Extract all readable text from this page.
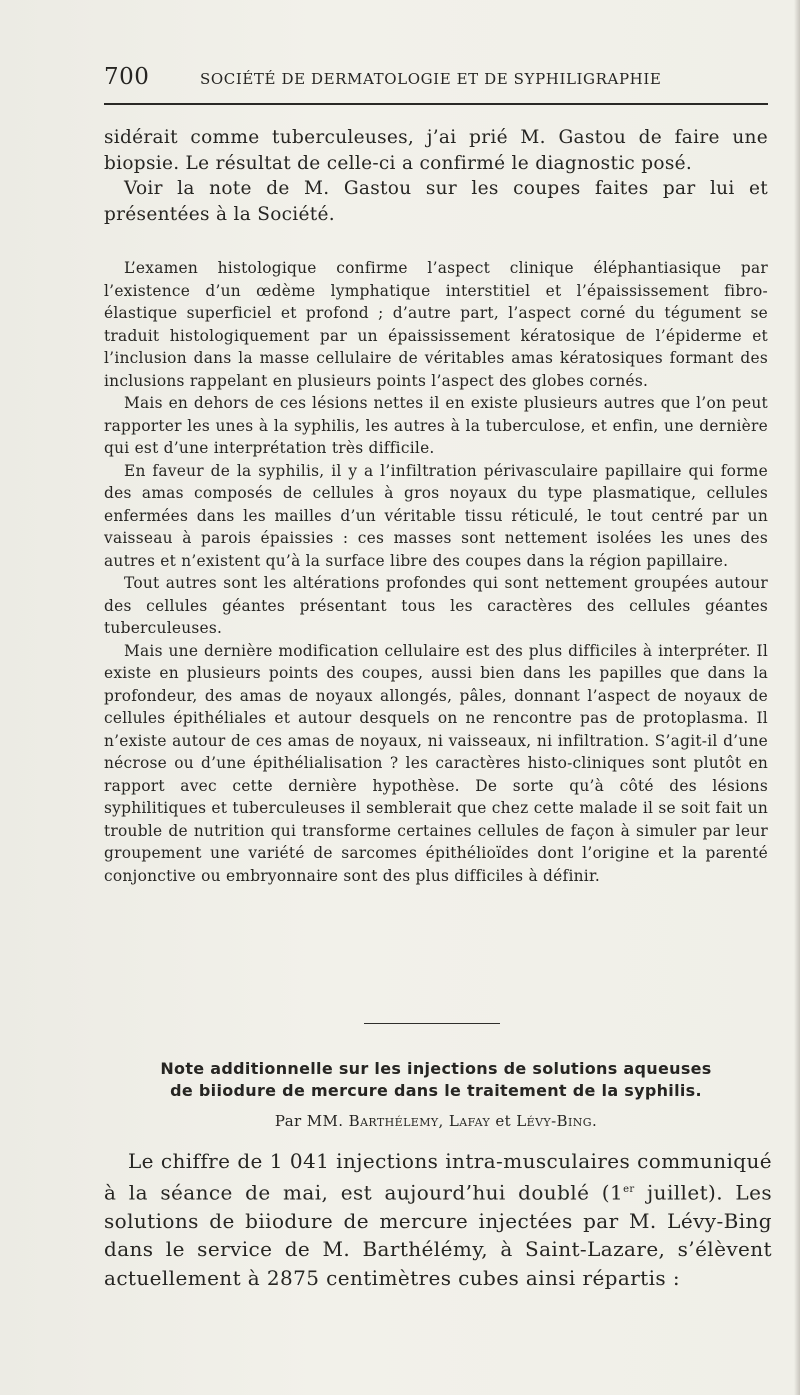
700	SOCIÉTÉ DE DERMATOLOGIE ET DE SYPHILIGRAPHIE

sidérait comme tuberculeuses, j’ai prié M. Gastou de faire une biopsie. Le résultat de celle-ci a confirmé le diagnostic posé.

Voir la note de M. Gastou sur les coupes faites par lui et présentées à la Société.

L’examen histologique confirme l’aspect clinique éléphantiasique par l’existence d’un œdème lymphatique interstitiel et l’épaississement fibro-élastique superficiel et profond ; d’autre part, l’aspect corné du tégument se traduit histologiquement par un épaississement kératosique de l’épiderme et l’inclusion dans la masse cellulaire de véritables amas kératosiques formant des inclusions rappelant en plusieurs points l’aspect des globes cornés.

Mais en dehors de ces lésions nettes il en existe plusieurs autres que l’on peut rapporter les unes à la syphilis, les autres à la tuberculose, et enfin, une dernière qui est d’une interprétation très difficile.

En faveur de la syphilis, il y a l’infiltration périvasculaire papillaire qui forme des amas composés de cellules à gros noyaux du type plasmatique, cellules enfermées dans les mailles d’un véritable tissu réticulé, le tout centré par un vaisseau à parois épaissies : ces masses sont nettement isolées les unes des autres et n’existent qu’à la surface libre des coupes dans la région papillaire.

Tout autres sont les altérations profondes qui sont nettement groupées autour des cellules géantes présentant tous les caractères des cellules géantes tuberculeuses.

Mais une dernière modification cellulaire est des plus difficiles à interpréter. Il existe en plusieurs points des coupes, aussi bien dans les papilles que dans la profondeur, des amas de noyaux allongés, pâles, donnant l’aspect de noyaux de cellules épithéliales et autour desquels on ne rencontre pas de protoplasma. Il n’existe autour de ces amas de noyaux, ni vaisseaux, ni infiltration. S’agit-il d’une nécrose ou d’une épithélialisation ? les caractères histo-cliniques sont plutôt en rapport avec cette dernière hypothèse. De sorte qu’à côté des lésions syphilitiques et tuberculeuses il semblerait que chez cette malade il se soit fait un trouble de nutrition qui transforme certaines cellules de façon à simuler par leur groupement une variété de sarcomes épithélioïdes dont l’origine et la parenté conjonctive ou embryonnaire sont des plus difficiles à définir.

Note additionnelle sur les injections de solutions aqueuses
de biiodure de mercure dans le traitement de la syphilis.
Par MM. Barthélemy, Lafay et Lévy-Bing.

Le chiffre de 1 041 injections intra-musculaires communiqué à la séance de mai, est aujourd’hui doublé (1er juillet). Les solutions de biiodure de mercure injectées par M. Lévy-Bing dans le service de M. Barthélémy, à Saint-Lazare, s’élèvent actuellement à 2875 centimètres cubes ainsi répartis :
